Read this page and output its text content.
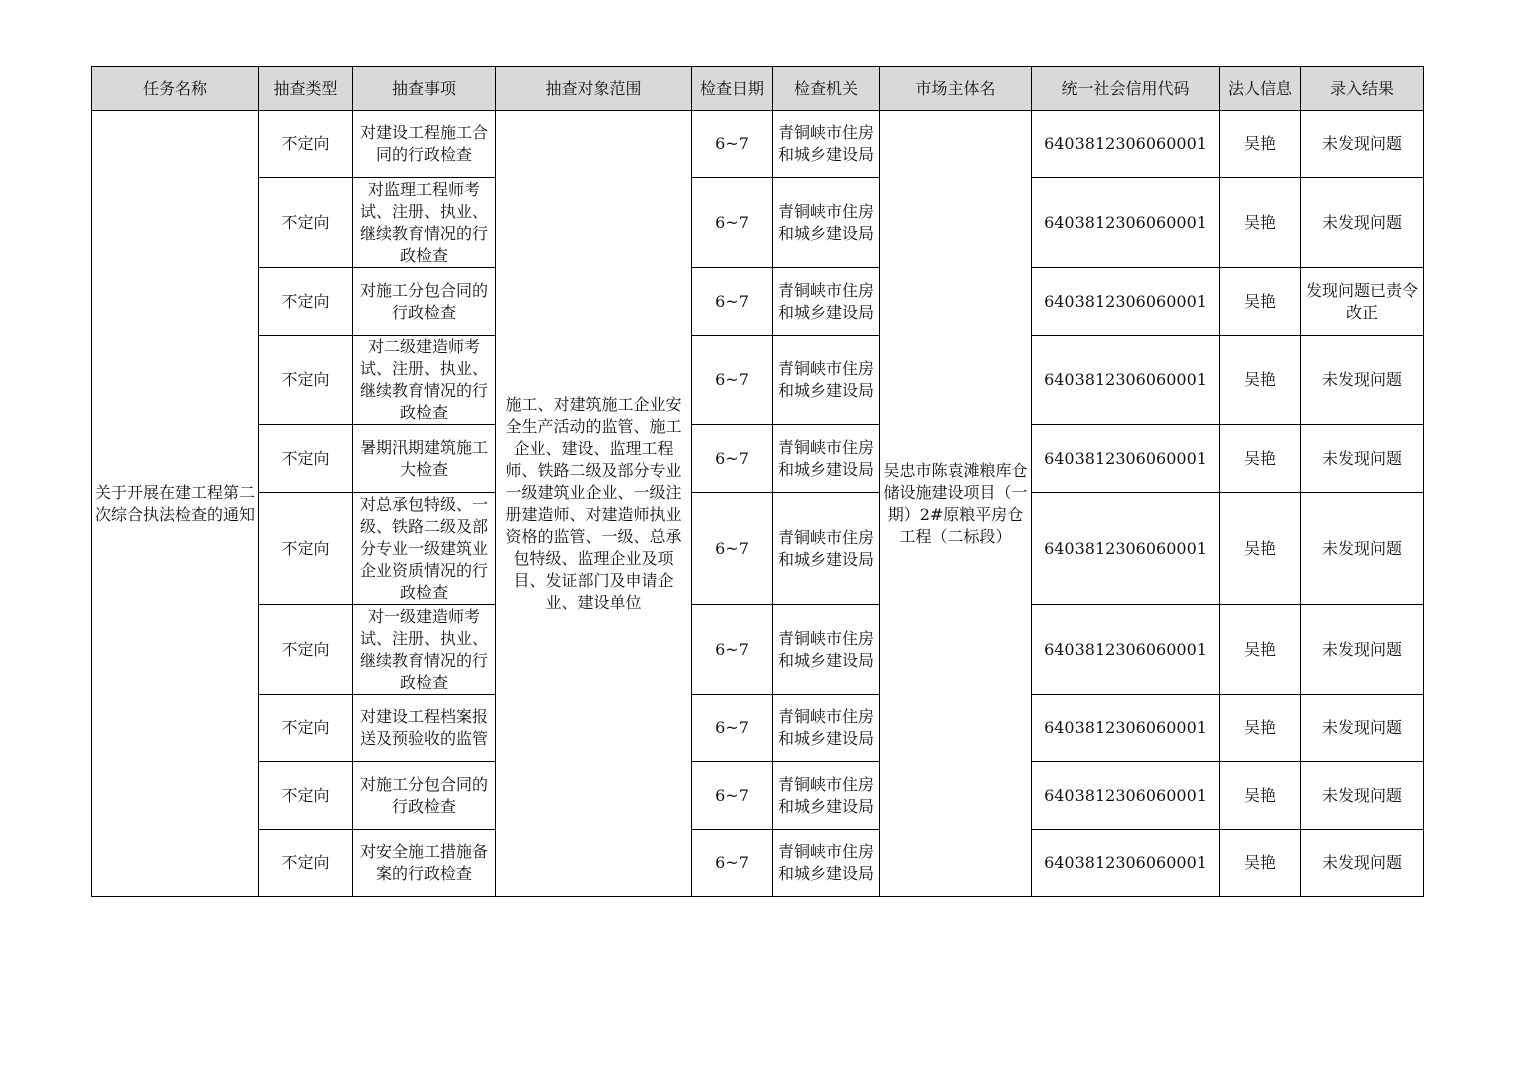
任务名称	抽查类型	抽查事项	抽查对象范围	检查日期	检查机关	市场主体名	统一社会信用代码	法人信息	录入结果
关于开展在建工程第二次综合执法检查的通知	不定向	对建设工程施工合同的行政检查	施工、对建筑施工企业安全生产活动的监管、施工企业、建设、监理工程师、铁路二级及部分专业一级建筑业企业、一级注册建造师、对建造师执业资格的监管、一级、总承包特级、监理企业及项目、发证部门及申请企业、建设单位	6~7	青铜峡市住房和城乡建设局	吴忠市陈袁滩粮库仓储设施建设项目（一期）2#原粮平房仓工程（二标段）	6403812306060001	吴艳	未发现问题
	不定向	对监理工程师考试、注册、执业、继续教育情况的行政检查		6~7	青铜峡市住房和城乡建设局		6403812306060001	吴艳	未发现问题
	不定向	对施工分包合同的行政检查		6~7	青铜峡市住房和城乡建设局		6403812306060001	吴艳	发现问题已责令改正
	不定向	对二级建造师考试、注册、执业、继续教育情况的行政检查		6~7	青铜峡市住房和城乡建设局		6403812306060001	吴艳	未发现问题
	不定向	暑期汛期建筑施工大检查		6~7	青铜峡市住房和城乡建设局		6403812306060001	吴艳	未发现问题
	不定向	对总承包特级、一级、铁路二级及部分专业一级建筑业企业资质情况的行政检查		6~7	青铜峡市住房和城乡建设局		6403812306060001	吴艳	未发现问题
	不定向	对一级建造师考试、注册、执业、继续教育情况的行政检查		6~7	青铜峡市住房和城乡建设局		6403812306060001	吴艳	未发现问题
	不定向	对建设工程档案报送及预验收的监管		6~7	青铜峡市住房和城乡建设局		6403812306060001	吴艳	未发现问题
	不定向	对施工分包合同的行政检查		6~7	青铜峡市住房和城乡建设局		6403812306060001	吴艳	未发现问题
	不定向	对安全施工措施备案的行政检查		6~7	青铜峡市住房和城乡建设局		6403812306060001	吴艳	未发现问题
